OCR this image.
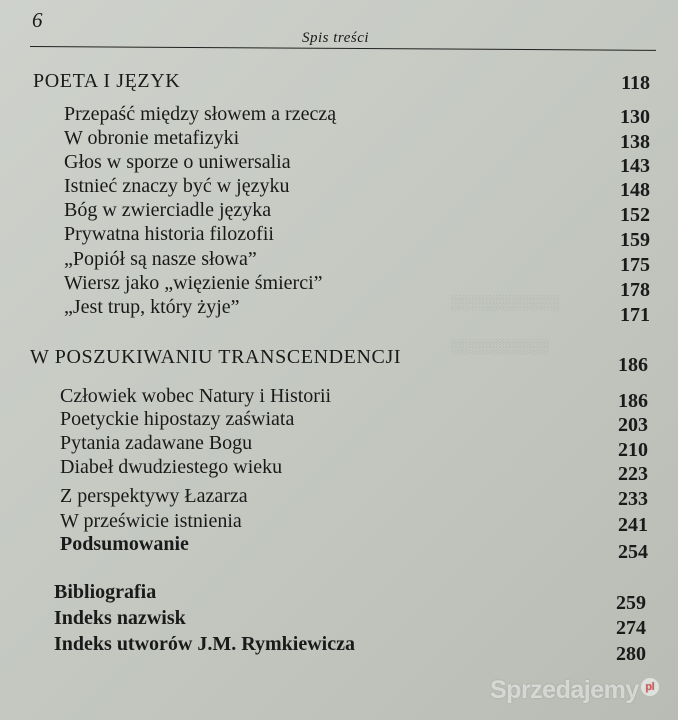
░░░░░░░░░░░
░░░░░░░░░░
6
Spis treści
POETA I JĘZYK	118
Przepaść między słowem a rzeczą	130
W obronie metafizyki	138
Głos w sporze o uniwersalia	143
Istnieć znaczy być w języku	148
Bóg w zwierciadle języka	152
Prywatna historia filozofii	159
„Popiół są nasze słowa”	175
Wiersz jako „więzienie śmierci”	178
„Jest trup, który żyje”	171
W POSZUKIWANIU TRANSCENDENCJI	186
Człowiek wobec Natury i Historii	186
Poetyckie hipostazy zaświata	203
Pytania zadawane Bogu	210
Diabeł dwudziestego wieku	223
Z perspektywy Łazarza	233
W prześwicie istnienia	241
Podsumowanie	254
Bibliografia	259
Indeks nazwisk	274
Indeks utworów J.M. Rymkiewicza	280
Sprzedajemy pl
